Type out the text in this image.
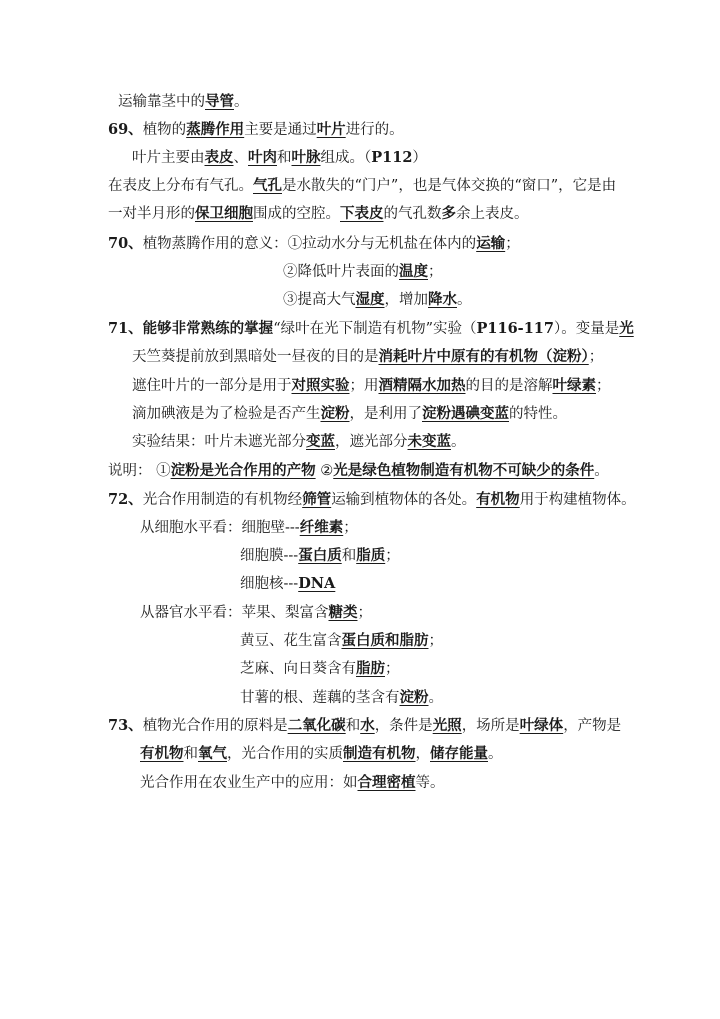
运输靠茎中的导管。
69、植物的蒸腾作用主要是通过叶片进行的。
叶片主要由表皮、叶肉和叶脉组成。（P112）
在表皮上分布有气孔。气孔是水散失的“门户”，也是气体交换的“窗口”，它是由
一对半月形的保卫细胞围成的空腔。下表皮的气孔数多余上表皮。
70、植物蒸腾作用的意义：①拉动水分与无机盐在体内的运输；
②降低叶片表面的温度；
③提高大气湿度，增加降水。
71、能够非常熟练的掌握“绿叶在光下制造有机物”实验（P116-117）。变量是光
天竺葵提前放到黑暗处一昼夜的目的是消耗叶片中原有的有机物（淀粉）；
遮住叶片的一部分是用于对照实验；用酒精隔水加热的目的是溶解叶绿素；
滴加碘液是为了检验是否产生淀粉，是利用了淀粉遇碘变蓝的特性。
实验结果：叶片未遮光部分变蓝，遮光部分未变蓝。
说明： ①淀粉是光合作用的产物 ②光是绿色植物制造有机物不可缺少的条件。
72、光合作用制造的有机物经筛管运输到植物体的各处。有机物用于构建植物体。
从细胞水平看：细胞壁---纤维素；
细胞膜---蛋白质和脂质；
细胞核---DNA
从器官水平看：苹果、梨富含糖类；
黄豆、花生富含蛋白质和脂肪；
芝麻、向日葵含有脂肪；
甘薯的根、莲藕的茎含有淀粉。
73、植物光合作用的原料是二氧化碳和水，条件是光照，场所是叶绿体，产物是
有机物和氧气，光合作用的实质制造有机物，储存能量。
光合作用在农业生产中的应用：如合理密植等。
